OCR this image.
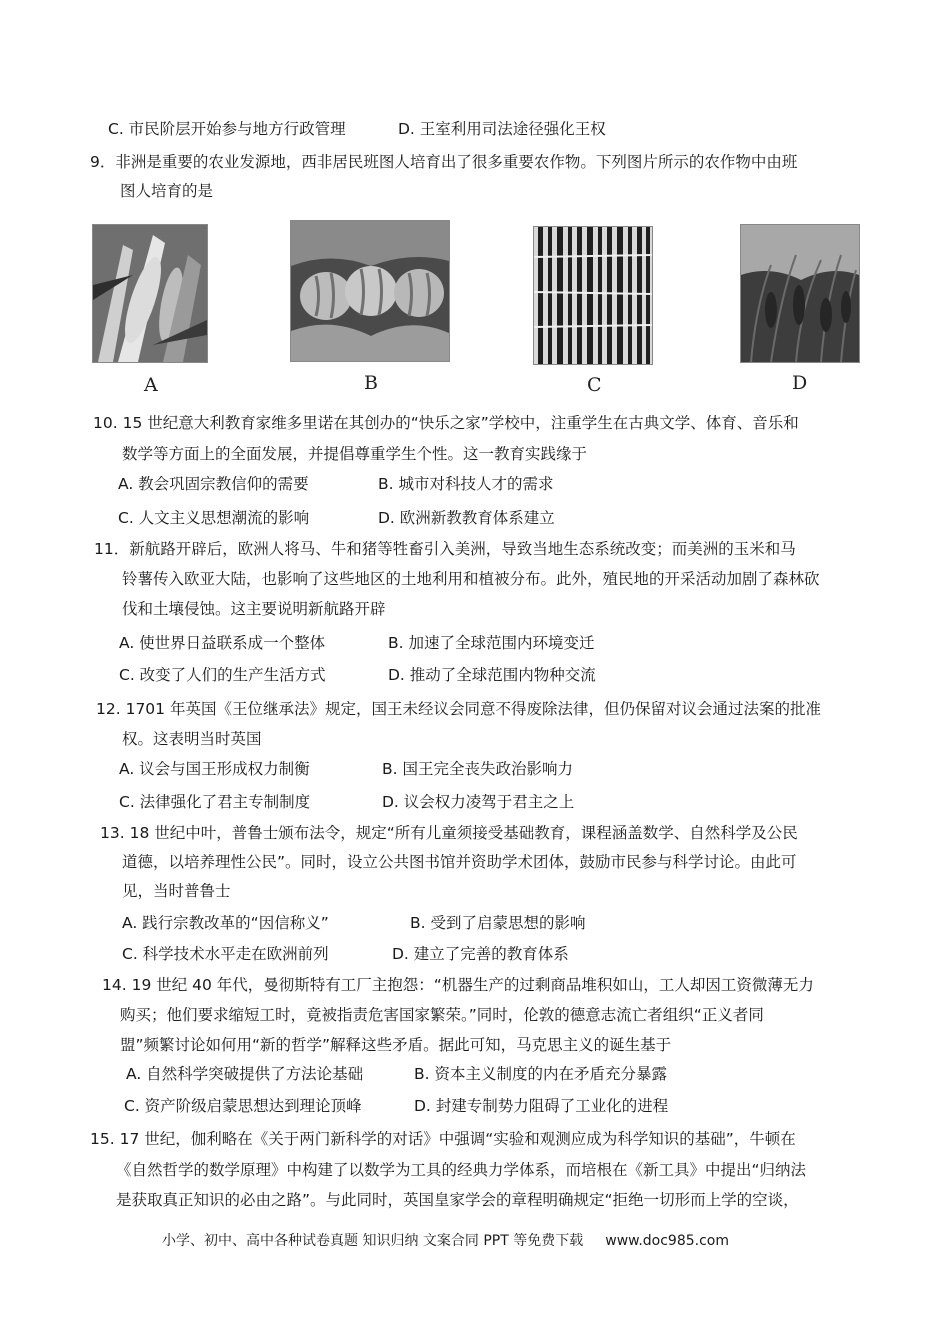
C. 市民阶层开始参与地方行政管理	D. 王室利用司法途径强化王权
9．非洲是重要的农业发源地，西非居民班图人培育出了很多重要农作物。下列图片所示的农作物中由班
图人培育的是
A	B	C	D
10. 15 世纪意大利教育家维多里诺在其创办的“快乐之家”学校中，注重学生在古典文学、体育、音乐和
数学等方面上的全面发展，并提倡尊重学生个性。这一教育实践缘于
A. 教会巩固宗教信仰的需要	B. 城市对科技人才的需求
C. 人文主义思想潮流的影响	D. 欧洲新教教育体系建立
11．新航路开辟后，欧洲人将马、牛和猪等牲畜引入美洲，导致当地生态系统改变；而美洲的玉米和马
铃薯传入欧亚大陆，也影响了这些地区的土地利用和植被分布。此外，殖民地的开采活动加剧了森林砍
伐和土壤侵蚀。这主要说明新航路开辟
A. 使世界日益联系成一个整体	B. 加速了全球范围内环境变迁
C. 改变了人们的生产生活方式	D. 推动了全球范围内物种交流
12. 1701 年英国《王位继承法》规定，国王未经议会同意不得废除法律，但仍保留对议会通过法案的批准
权。这表明当时英国
A. 议会与国王形成权力制衡	B. 国王完全丧失政治影响力
C. 法律强化了君主专制制度	D. 议会权力凌驾于君主之上
13. 18 世纪中叶，普鲁士颁布法令，规定“所有儿童须接受基础教育，课程涵盖数学、自然科学及公民
道德，以培养理性公民”。同时，设立公共图书馆并资助学术团体，鼓励市民参与科学讨论。由此可
见，当时普鲁士
A. 践行宗教改革的“因信称义”	B. 受到了启蒙思想的影响
C. 科学技术水平走在欧洲前列	D. 建立了完善的教育体系
14. 19 世纪 40 年代，曼彻斯特有工厂主抱怨：“机器生产的过剩商品堆积如山，工人却因工资微薄无力
购买；他们要求缩短工时，竟被指责危害国家繁荣。”同时，伦敦的德意志流亡者组织“正义者同
盟”频繁讨论如何用“新的哲学”解释这些矛盾。据此可知，马克思主义的诞生基于
A. 自然科学突破提供了方法论基础	B. 资本主义制度的内在矛盾充分暴露
C. 资产阶级启蒙思想达到理论顶峰	D. 封建专制势力阻碍了工业化的进程
15. 17 世纪，伽利略在《关于两门新科学的对话》中强调“实验和观测应成为科学知识的基础”，牛顿在
《自然哲学的数学原理》中构建了以数学为工具的经典力学体系，而培根在《新工具》中提出“归纳法
是获取真正知识的必由之路”。与此同时，英国皇家学会的章程明确规定“拒绝一切形而上学的空谈，
小学、初中、高中各种试卷真题 知识归纳 文案合同 PPT 等免费下载 www.doc985.com
